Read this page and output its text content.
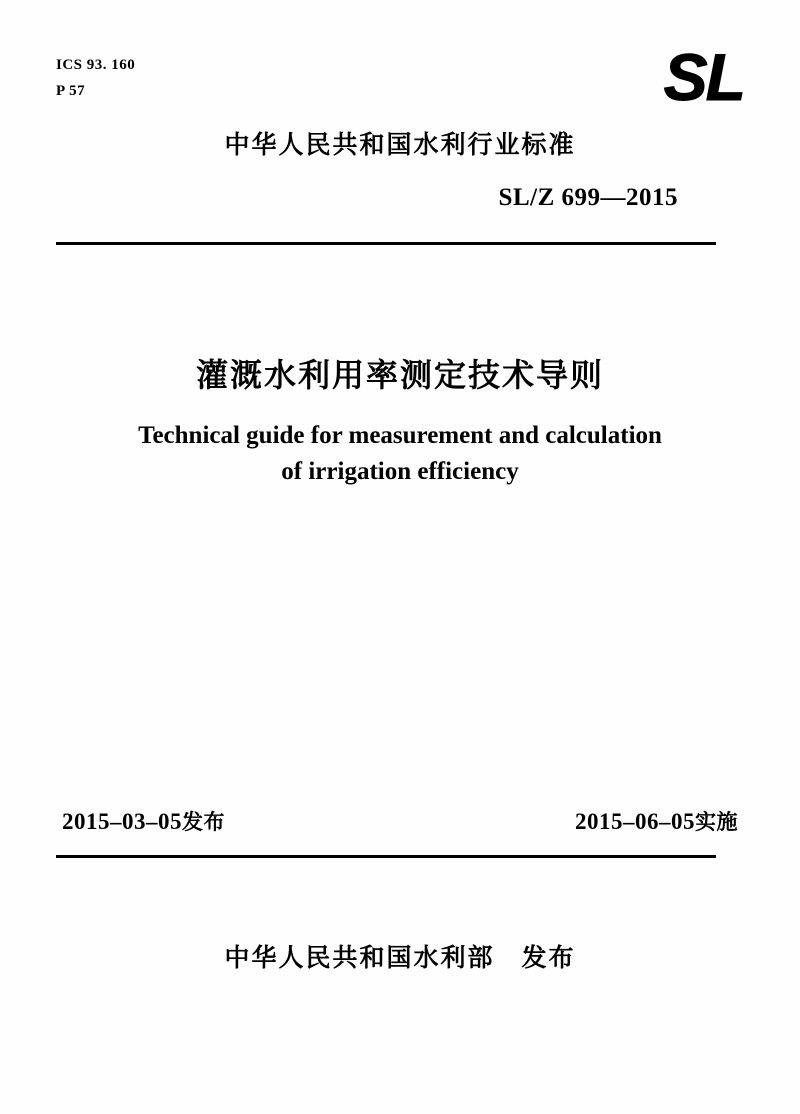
ICS 93. 160
P 57	SL
中华人民共和国水利行业标准
SL/Z 699—2015
灌溉水利用率测定技术导则
Technical guide for measurement and calculation
of irrigation efficiency
2015–03–05发布	2015–06–05实施
中华人民共和国水利部　发布
